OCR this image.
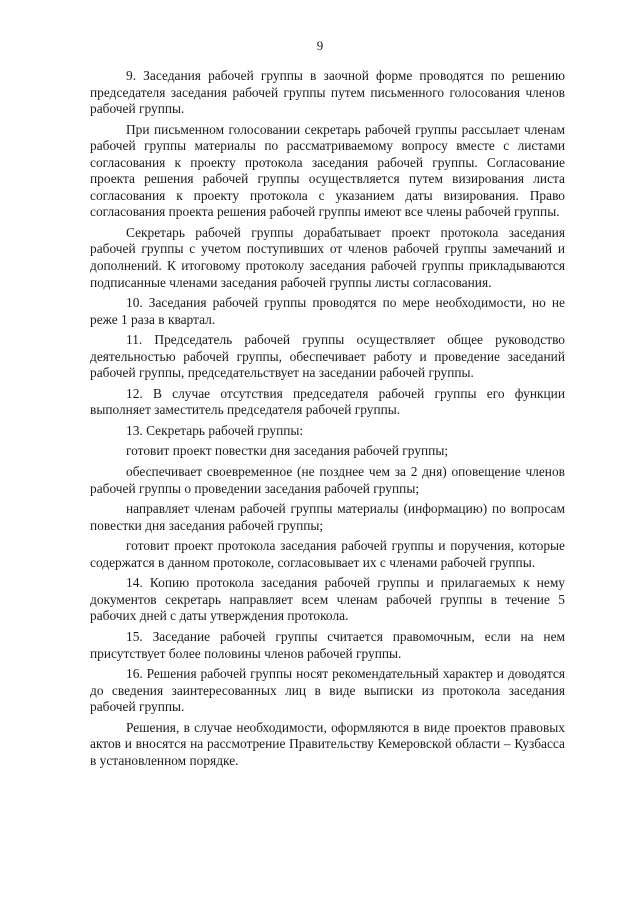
9

9. Заседания рабочей группы в заочной форме проводятся по решению председателя заседания рабочей группы путем письменного голосования членов рабочей группы.

При письменном голосовании секретарь рабочей группы рассылает членам рабочей группы материалы по рассматриваемому вопросу вместе с листами согласования к проекту протокола заседания рабочей группы. Согласование проекта решения рабочей группы осуществляется путем визирования листа согласования к проекту протокола с указанием даты визирования. Право согласования проекта решения рабочей группы имеют все члены рабочей группы.

Секретарь рабочей группы дорабатывает проект протокола заседания рабочей группы с учетом поступивших от членов рабочей группы замечаний и дополнений. К итоговому протоколу заседания рабочей группы прикладываются подписанные членами заседания рабочей группы листы согласования.

10. Заседания рабочей группы проводятся по мере необходимости, но не реже 1 раза в квартал.

11. Председатель рабочей группы осуществляет общее руководство деятельностью рабочей группы, обеспечивает работу и проведение заседаний рабочей группы, председательствует на заседании рабочей группы.

12. В случае отсутствия председателя рабочей группы его функции выполняет заместитель председателя рабочей группы.

13. Секретарь рабочей группы:

готовит проект повестки дня заседания рабочей группы;

обеспечивает своевременное (не позднее чем за 2 дня) оповещение членов рабочей группы о проведении заседания рабочей группы;

направляет членам рабочей группы материалы (информацию) по вопросам повестки дня заседания рабочей группы;

готовит проект протокола заседания рабочей группы и поручения, которые содержатся в данном протоколе, согласовывает их с членами рабочей группы.

14. Копию протокола заседания рабочей группы и прилагаемых к нему документов секретарь направляет всем членам рабочей группы в течение 5 рабочих дней с даты утверждения протокола.

15. Заседание рабочей группы считается правомочным, если на нем присутствует более половины членов рабочей группы.

16. Решения рабочей группы носят рекомендательный характер и доводятся до сведения заинтересованных лиц в виде выписки из протокола заседания рабочей группы.

Решения, в случае необходимости, оформляются в виде проектов правовых актов и вносятся на рассмотрение Правительству Кемеровской области – Кузбасса в установленном порядке.
